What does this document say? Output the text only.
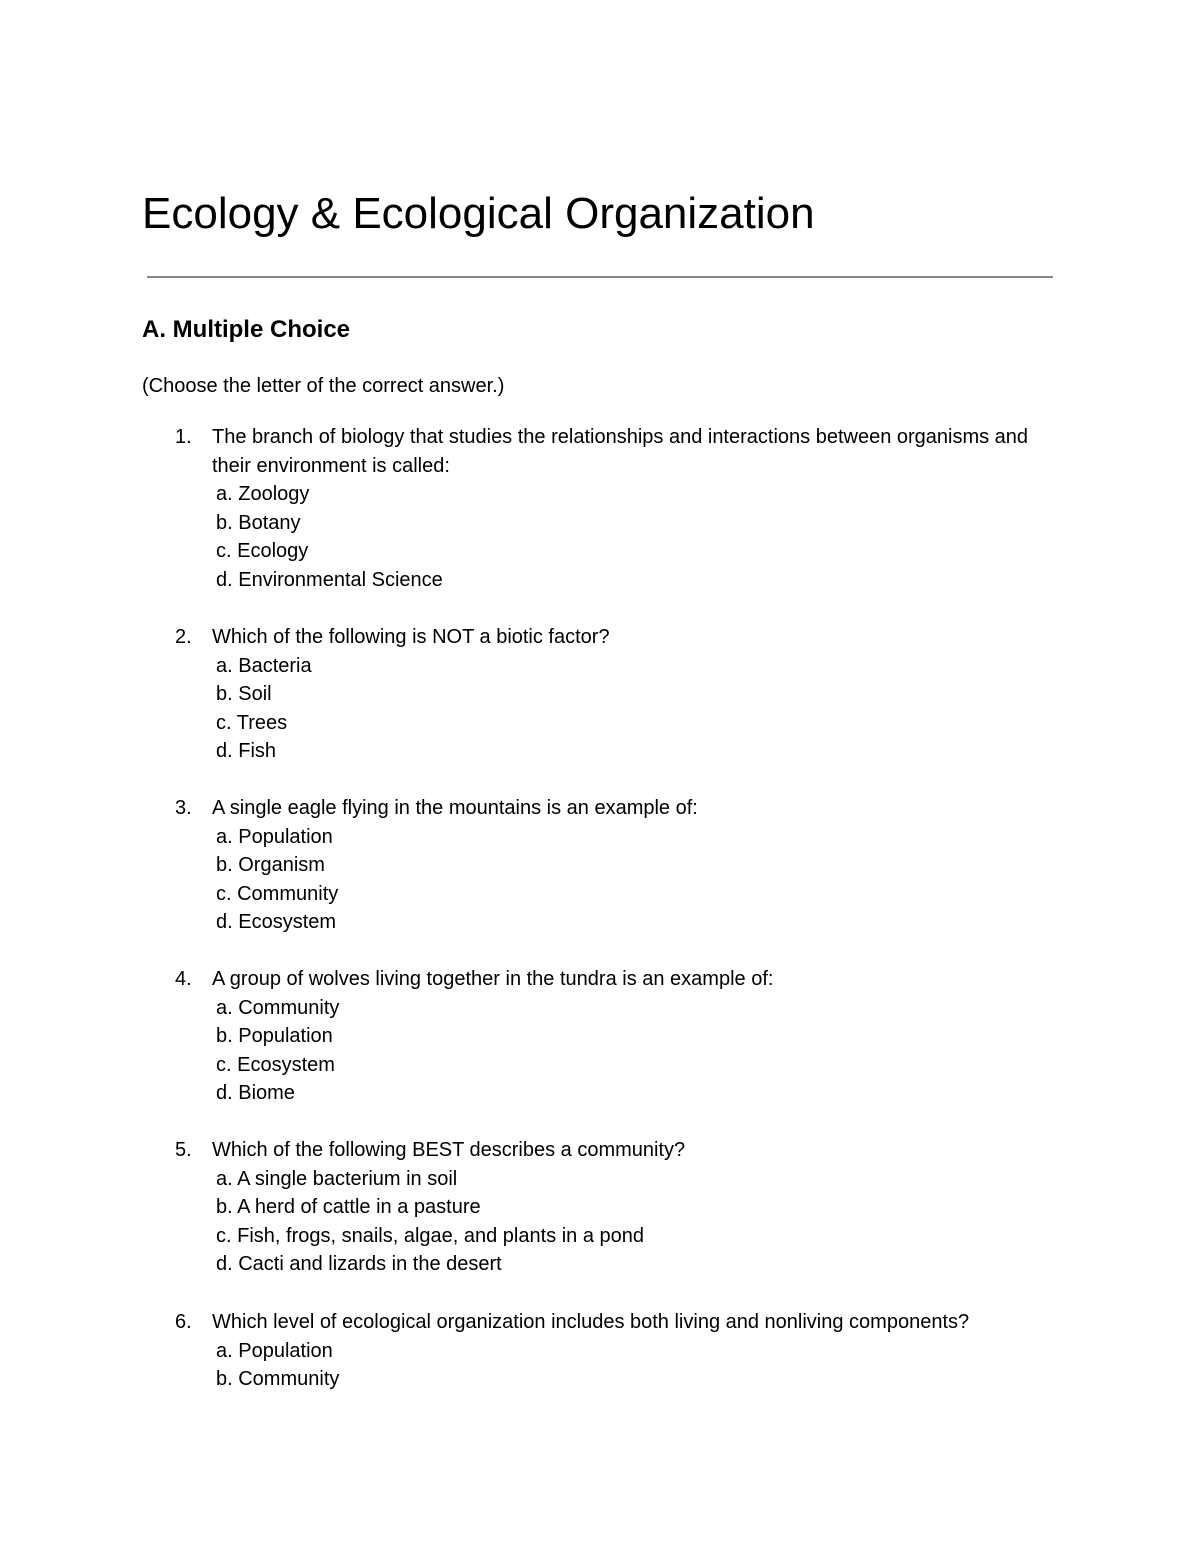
Ecology & Ecological Organization
A. Multiple Choice

(Choose the letter of the correct answer.)

1. The branch of biology that studies the relationships and interactions between organisms and their environment is called:
a. Zoology
b. Botany
c. Ecology
d. Environmental Science
2. Which of the following is NOT a biotic factor?
a. Bacteria
b. Soil
c. Trees
d. Fish
3. A single eagle flying in the mountains is an example of:
a. Population
b. Organism
c. Community
d. Ecosystem
4. A group of wolves living together in the tundra is an example of:
a. Community
b. Population
c. Ecosystem
d. Biome
5. Which of the following BEST describes a community?
a. A single bacterium in soil
b. A herd of cattle in a pasture
c. Fish, frogs, snails, algae, and plants in a pond
d. Cacti and lizards in the desert
6. Which level of ecological organization includes both living and nonliving components?
a. Population
b. Community
